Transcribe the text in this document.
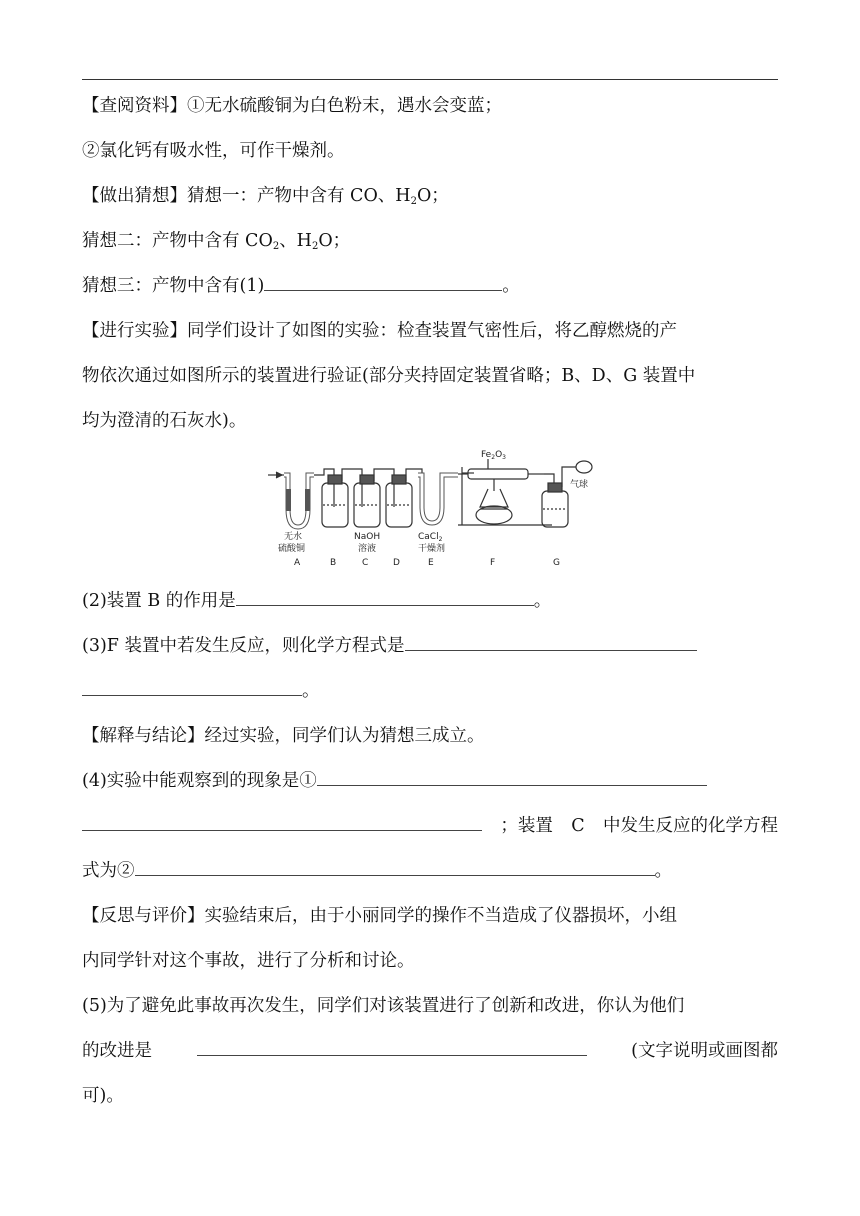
【查阅资料】①无水硫酸铜为白色粉末，遇水会变蓝；
②氯化钙有吸水性，可作干燥剂。
【做出猜想】猜想一：产物中含有 CO、$H_2O$；
猜想二：产物中含有 $CO_2$、$H_2O$；
猜想三：产物中含有(1)	。
【进行实验】同学们设计了如图的实验：检查装置气密性后，将乙醇燃烧的产
物依次通过如图所示的装置进行验证(部分夹持固定装置省略；B、D、G 装置中
均为澄清的石灰水)。
$Fe_2O_3$
气球
无水
硫酸铜
NaOH
溶液
CaCl$_2$
干燥剂
A	B	C	D	E	F	G
(2)装置 B 的作用是	。
(3)F 装置中若发生反应，则化学方程式是
。
【解释与结论】经过实验，同学们认为猜想三成立。
(4)实验中能观察到的现象是①
；装置 C 中发生反应的化学方程
式为②	。
【反思与评价】实验结束后，由于小丽同学的操作不当造成了仪器损坏，小组
内同学针对这个事故，进行了分析和讨论。
(5)为了避免此事故再次发生，同学们对该装置进行了创新和改进，你认为他们
的改进是	(文字说明或画图都
可)。
